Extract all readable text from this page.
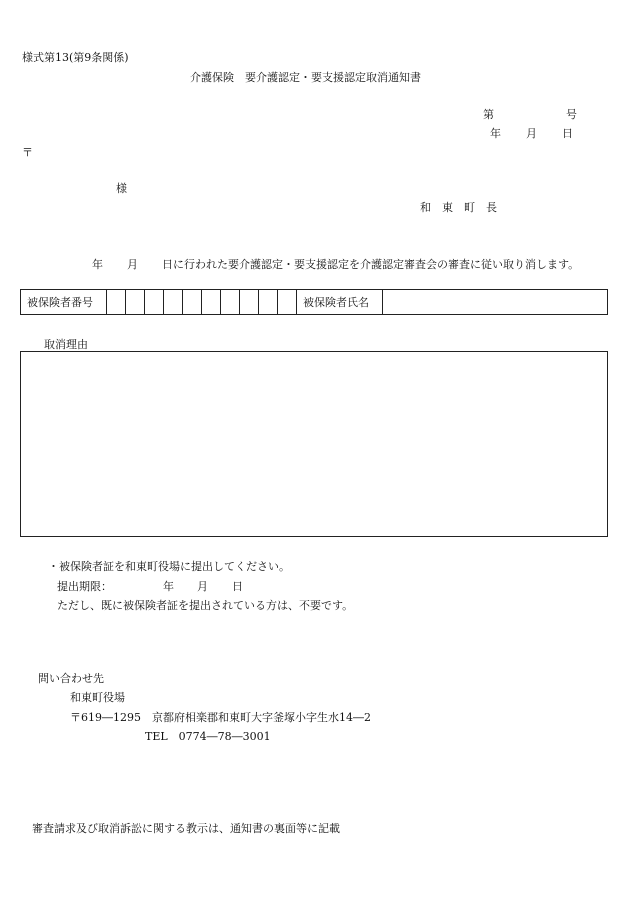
様式第13(第9条関係)
介護保険　要介護認定・要支援認定取消通知書
第	号
年 月 日
〒
様
和　東　町　長
年 月 日に行われた要介護認定・要支援認定を介護認定審査会の審査に従い取り消します。
被保険者番号	被保険者氏名
取消理由
・被保険者証を和東町役場に提出してください。
提出期限：	年 月 日
ただし、既に被保険者証を提出されている方は、不要です。
問い合わせ先
和東町役場
〒619―1295　京都府相楽郡和東町大字釜塚小字生水14―2
TEL　0774―78―3001
審査請求及び取消訴訟に関する教示は、通知書の裏面等に記載
